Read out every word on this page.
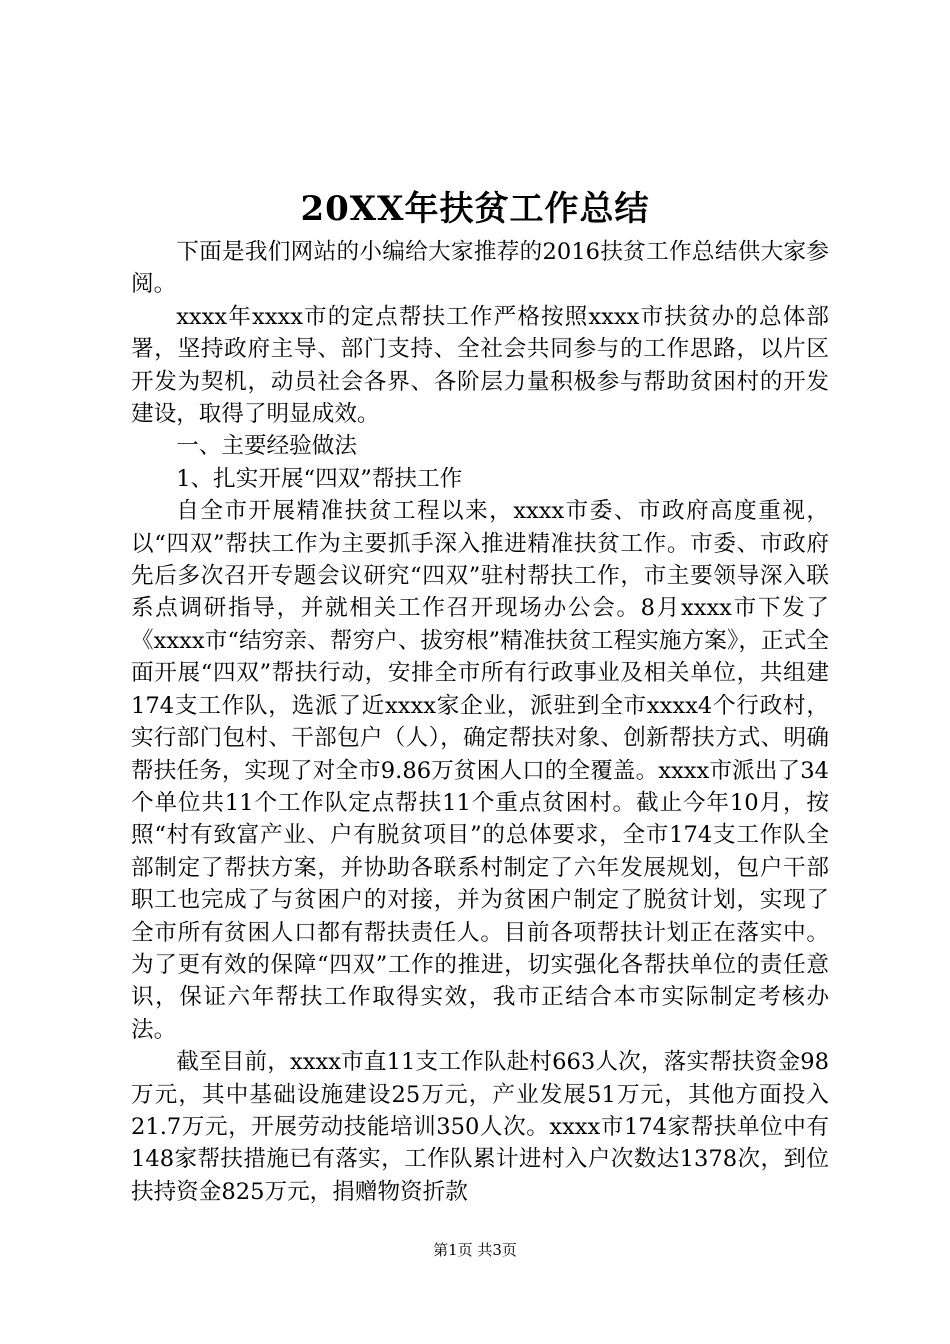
20XX年扶贫工作总结

下面是我们网站的小编给大家推荐的2016扶贫工作总结供大家参阅。

xxxx年xxxx市的定点帮扶工作严格按照xxxx市扶贫办的总体部署，坚持政府主导、部门支持、全社会共同参与的工作思路，以片区开发为契机，动员社会各界、各阶层力量积极参与帮助贫困村的开发建设，取得了明显成效。

一、主要经验做法

1、扎实开展“四双”帮扶工作

自全市开展精准扶贫工程以来，xxxx市委、市政府高度重视，以“四双”帮扶工作为主要抓手深入推进精准扶贫工作。市委、市政府先后多次召开专题会议研究“四双”驻村帮扶工作，市主要领导深入联系点调研指导，并就相关工作召开现场办公会。8月xxxx市下发了《xxxx市“结穷亲、帮穷户、拔穷根”精准扶贫工程实施方案》，正式全面开展“四双”帮扶行动，安排全市所有行政事业及相关单位，共组建174支工作队，选派了近xxxx家企业，派驻到全市xxxx4个行政村，实行部门包村、干部包户（人），确定帮扶对象、创新帮扶方式、明确帮扶任务，实现了对全市9.86万贫困人口的全覆盖。xxxx市派出了34个单位共11个工作队定点帮扶11个重点贫困村。截止今年10月，按照“村有致富产业、户有脱贫项目”的总体要求，全市174支工作队全部制定了帮扶方案，并协助各联系村制定了六年发展规划，包户干部职工也完成了与贫困户的对接，并为贫困户制定了脱贫计划，实现了全市所有贫困人口都有帮扶责任人。目前各项帮扶计划正在落实中。为了更有效的保障“四双”工作的推进，切实强化各帮扶单位的责任意识，保证六年帮扶工作取得实效，我市正结合本市实际制定考核办法。

截至目前，xxxx市直11支工作队赴村663人次，落实帮扶资金98万元，其中基础设施建设25万元，产业发展51万元，其他方面投入21.7万元，开展劳动技能培训350人次。xxxx市174家帮扶单位中有148家帮扶措施已有落实，工作队累计进村入户次数达1378次，到位扶持资金825万元，捐赠物资折款

第1页 共3页
